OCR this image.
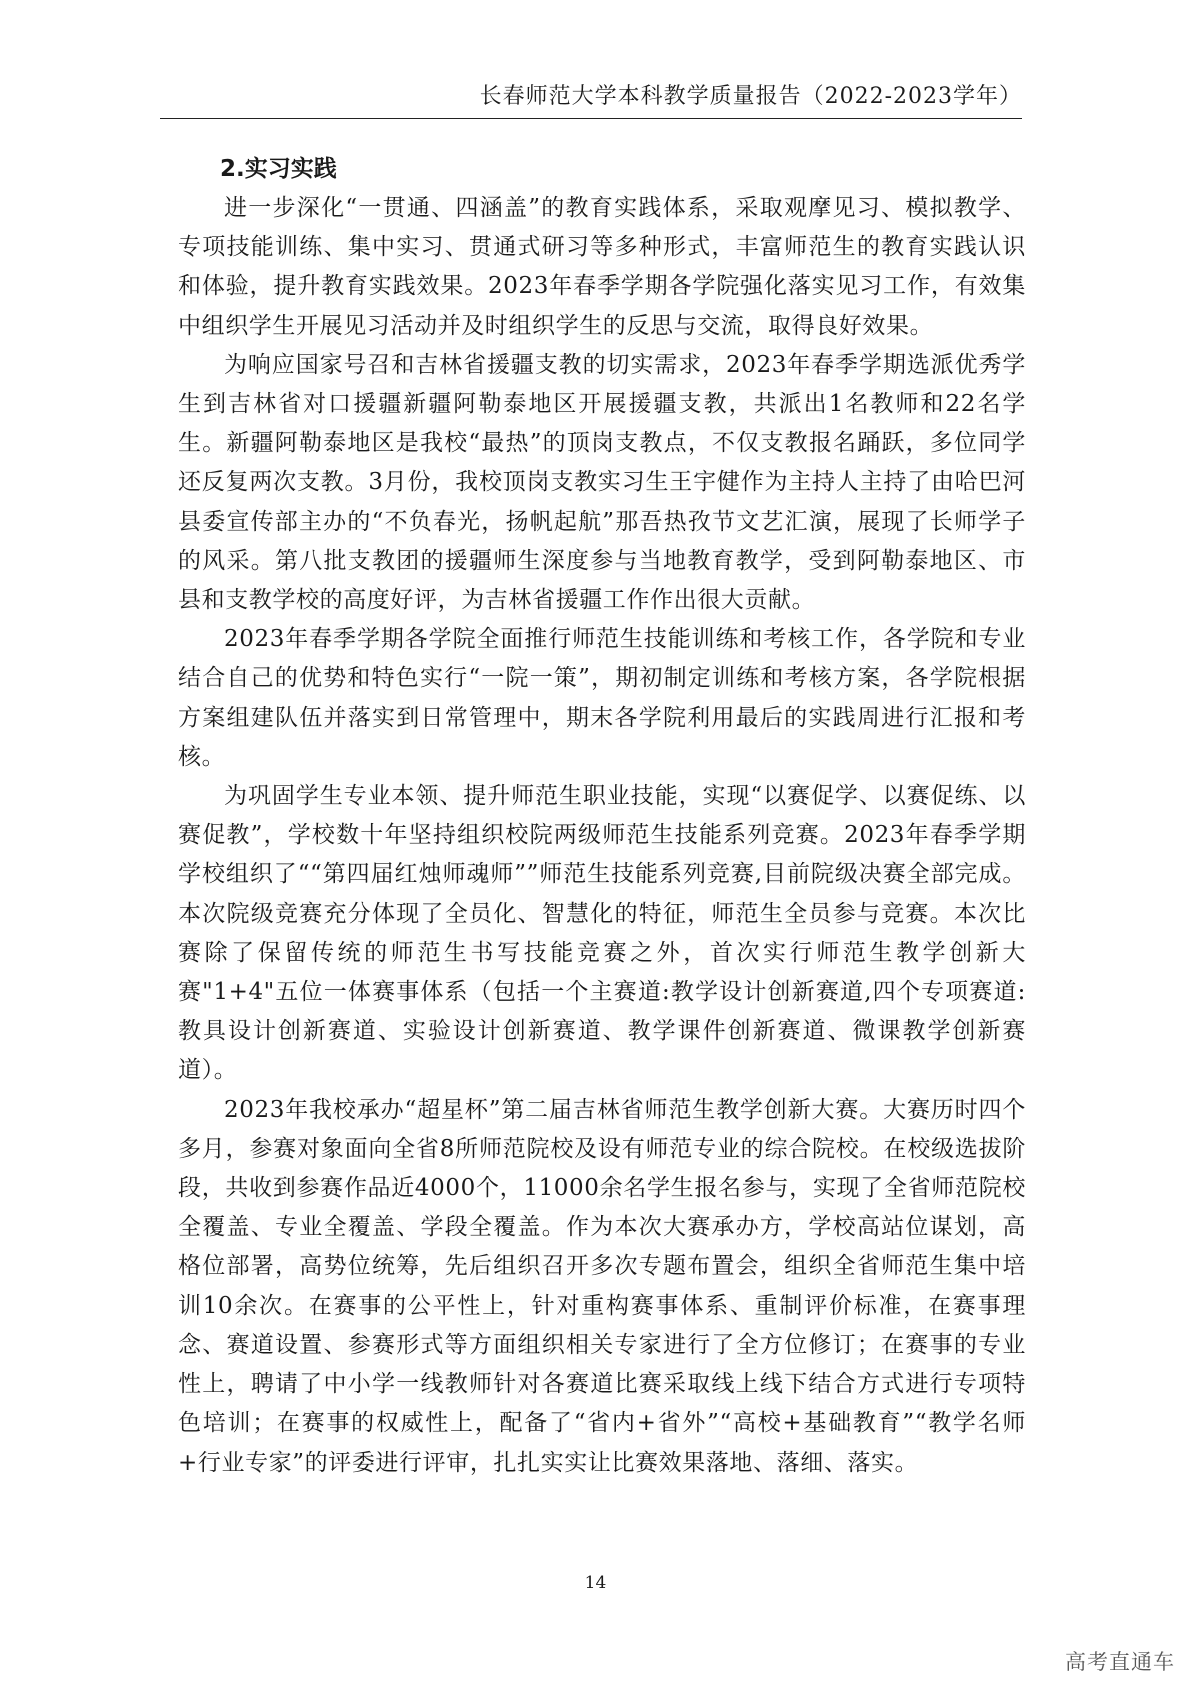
长春师范大学本科教学质量报告（2022-2023学年）
2.实习实践

进一步深化“一贯通、四涵盖”的教育实践体系，采取观摩见习、模拟教学、专项技能训练、集中实习、贯通式研习等多种形式，丰富师范生的教育实践认识和体验，提升教育实践效果。2023年春季学期各学院强化落实见习工作，有效集中组织学生开展见习活动并及时组织学生的反思与交流，取得良好效果。

为响应国家号召和吉林省援疆支教的切实需求，2023年春季学期选派优秀学生到吉林省对口援疆新疆阿勒泰地区开展援疆支教，共派出1名教师和22名学生。新疆阿勒泰地区是我校“最热”的顶岗支教点，不仅支教报名踊跃，多位同学还反复两次支教。3月份，我校顶岗支教实习生王宇健作为主持人主持了由哈巴河县委宣传部主办的“不负春光，扬帆起航”那吾热孜节文艺汇演，展现了长师学子的风采。第八批支教团的援疆师生深度参与当地教育教学，受到阿勒泰地区、市县和支教学校的高度好评，为吉林省援疆工作作出很大贡献。

2023年春季学期各学院全面推行师范生技能训练和考核工作，各学院和专业结合自己的优势和特色实行“一院一策”，期初制定训练和考核方案，各学院根据方案组建队伍并落实到日常管理中，期末各学院利用最后的实践周进行汇报和考核。

为巩固学生专业本领、提升师范生职业技能，实现“以赛促学、以赛促练、以赛促教”，学校数十年坚持组织校院两级师范生技能系列竞赛。2023年春季学期学校组织了““第四届红烛师魂师””师范生技能系列竞赛,目前院级决赛全部完成。本次院级竞赛充分体现了全员化、智慧化的特征，师范生全员参与竞赛。本次比赛除了保留传统的师范生书写技能竞赛之外，首次实行师范生教学创新大赛"1+4"五位一体赛事体系（包括一个主赛道:教学设计创新赛道,四个专项赛道:教具设计创新赛道、实验设计创新赛道、教学课件创新赛道、微课教学创新赛道）。

2023年我校承办“超星杯”第二届吉林省师范生教学创新大赛。大赛历时四个多月，参赛对象面向全省8所师范院校及设有师范专业的综合院校。在校级选拔阶段，共收到参赛作品近4000个，11000余名学生报名参与，实现了全省师范院校全覆盖、专业全覆盖、学段全覆盖。作为本次大赛承办方，学校高站位谋划，高格位部署，高势位统筹，先后组织召开多次专题布置会，组织全省师范生集中培训10余次。在赛事的公平性上，针对重构赛事体系、重制评价标准，在赛事理念、赛道设置、参赛形式等方面组织相关专家进行了全方位修订；在赛事的专业性上，聘请了中小学一线教师针对各赛道比赛采取线上线下结合方式进行专项特色培训；在赛事的权威性上，配备了“省内+省外”“高校+基础教育”“教学名师+行业专家”的评委进行评审，扎扎实实让比赛效果落地、落细、落实。

14
高考直通车
